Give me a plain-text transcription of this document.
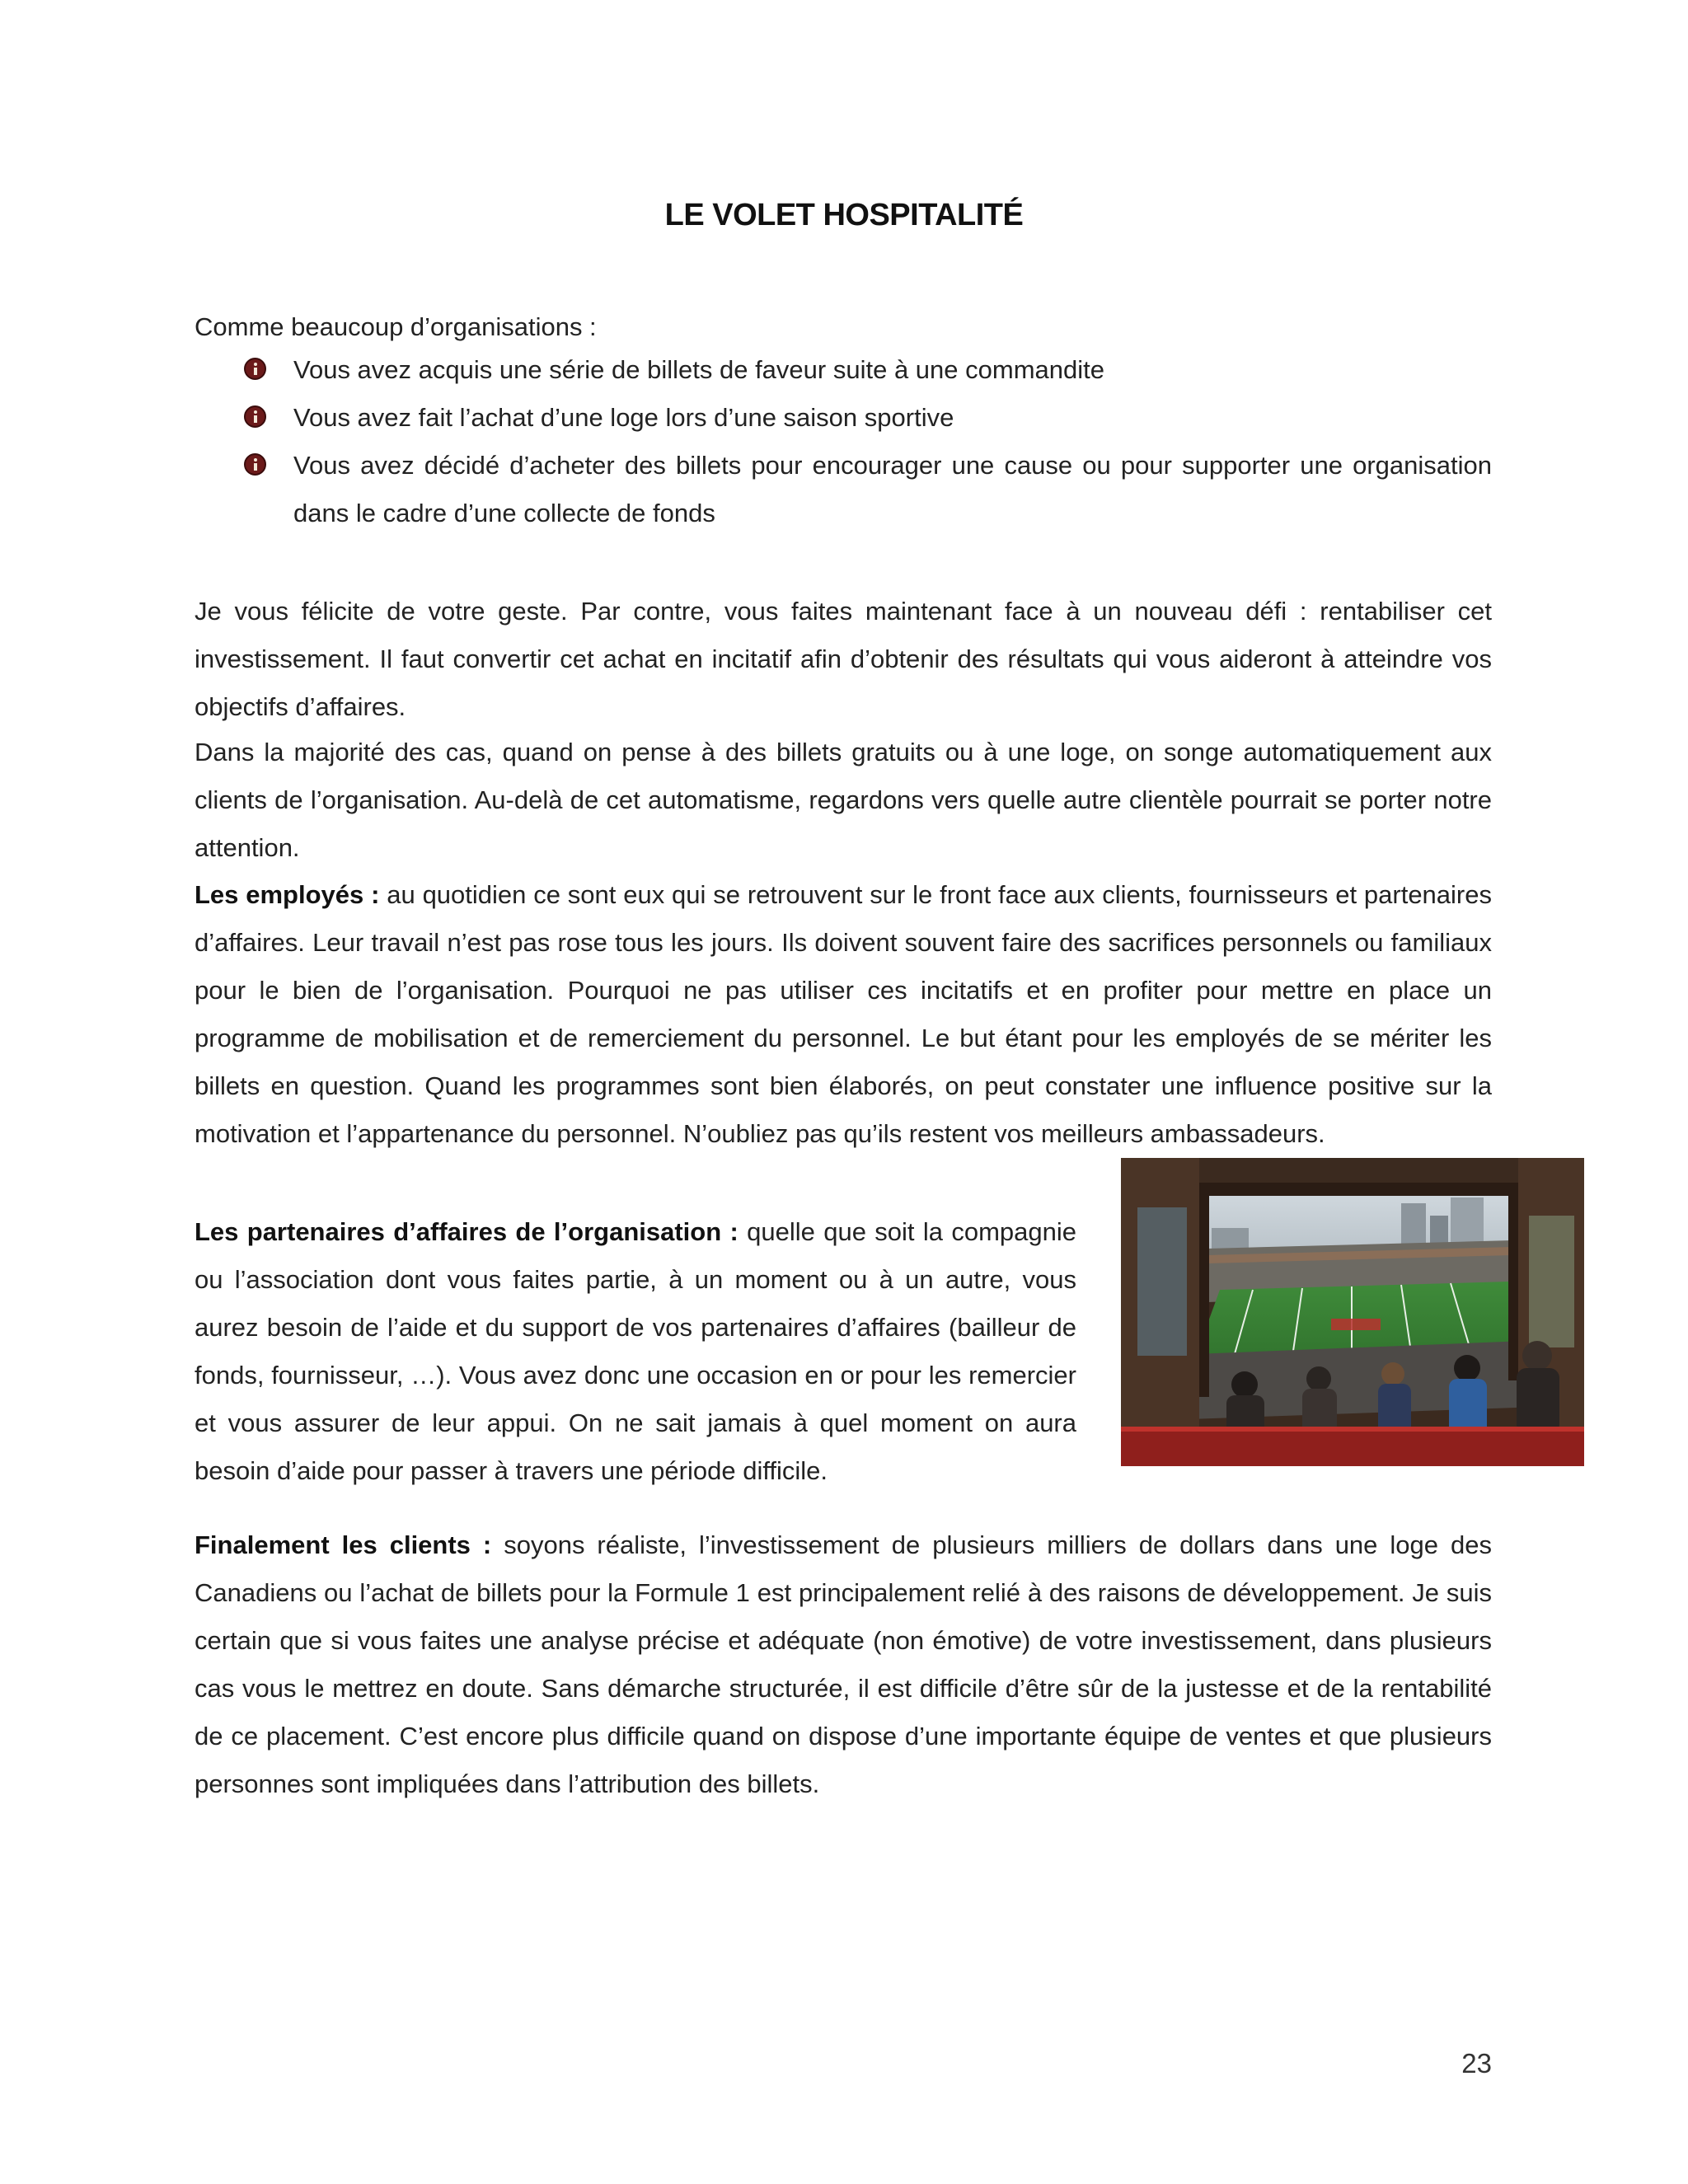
LE VOLET HOSPITALITÉ
Comme beaucoup d’organisations :
Vous avez acquis une série de billets de faveur suite à une commandite
Vous avez fait l’achat d’une loge lors d’une saison sportive
Vous avez décidé d’acheter des billets pour encourager une cause ou pour supporter une organisation dans le cadre d’une collecte de fonds
Je vous félicite de votre geste. Par contre, vous faites maintenant face à un nouveau défi : rentabiliser cet investissement. Il faut convertir cet achat en incitatif afin d’obtenir des résultats qui vous aideront à atteindre vos objectifs d’affaires.
Dans la majorité des cas, quand on pense à des billets gratuits ou à une loge, on songe automatiquement aux clients de l’organisation. Au-delà de cet automatisme, regardons vers quelle autre clientèle pourrait se porter notre attention.
Les employés : au quotidien ce sont eux qui se retrouvent sur le front face aux clients, fournisseurs et partenaires d’affaires. Leur travail n’est pas rose tous les jours. Ils doivent souvent faire des sacrifices personnels ou familiaux pour le bien de l’organisation. Pourquoi ne pas utiliser ces incitatifs et en profiter pour mettre en place un programme de mobilisation et de remerciement du personnel. Le but étant pour les employés de se mériter les billets en question. Quand les programmes sont bien élaborés, on peut constater une influence positive sur la motivation et l’appartenance du personnel. N’oubliez pas qu’ils restent vos meilleurs ambassadeurs.
Les partenaires d’affaires de l’organisation : quelle que soit la compagnie ou l’association dont vous faites partie, à un moment ou à un autre, vous aurez besoin de l’aide et du support de vos partenaires d’affaires (bailleur de fonds, fournisseur, …). Vous avez donc une occasion en or pour les remercier et vous assurer de leur appui. On ne sait jamais à quel moment on aura besoin d’aide pour passer à travers une période difficile.
Finalement les clients : soyons réaliste, l’investissement de plusieurs milliers de dollars dans une loge des Canadiens ou l’achat de billets pour la Formule 1 est principalement relié à des raisons de développement. Je suis certain que si vous faites une analyse précise et adéquate (non émotive) de votre investissement, dans plusieurs cas vous le mettrez en doute. Sans démarche structurée, il est difficile d’être sûr de la justesse et de la rentabilité de ce placement. C’est encore plus difficile quand on dispose d’une importante équipe de ventes et que plusieurs personnes sont impliquées dans l’attribution des billets.
23
